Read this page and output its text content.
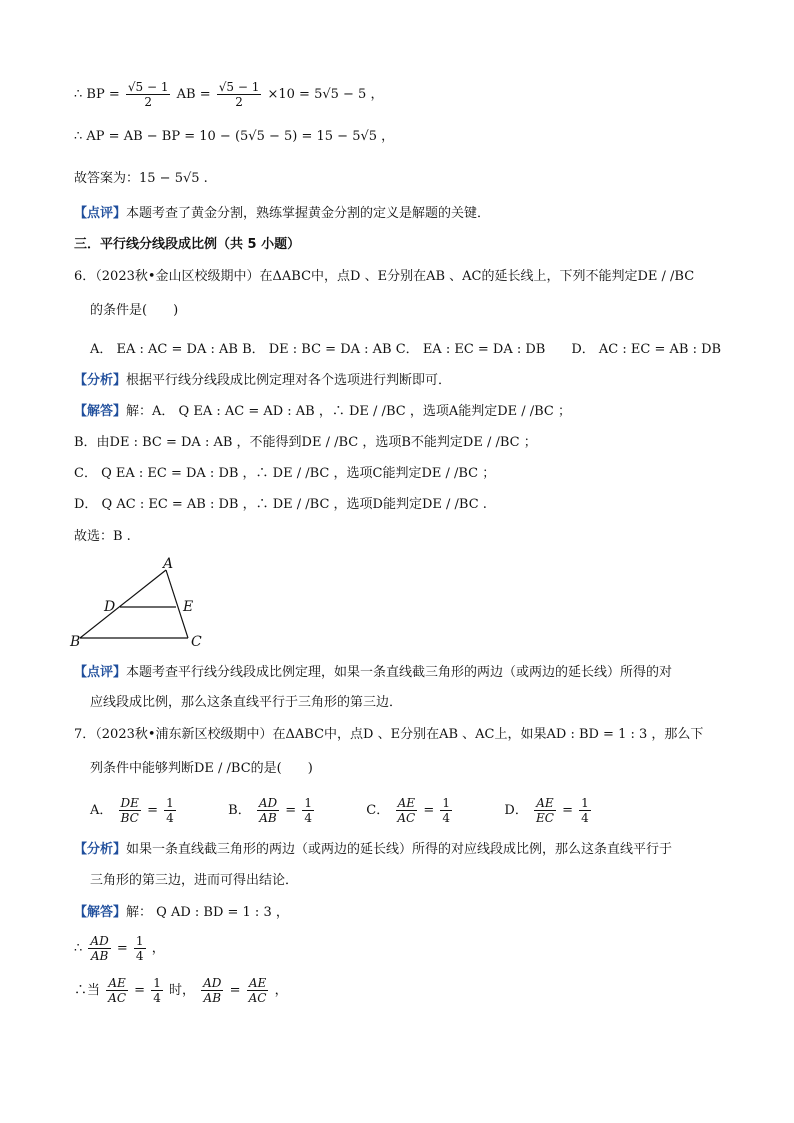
∴ BP = $\frac{√5 - 1}{2}$ AB = $\frac{√5 - 1}{2} \times 10 = 5√5 - 5$ ，
∴ AP = AB − BP = 10 − (5√5 − 5) = 15 − 5√5 ，
故答案为：15 − 5√5 .
【点评】本题考查了黄金分割，熟练掌握黄金分割的定义是解题的关键．
三．平行线分线段成比例（共 5 小题）
6．（2023秋•金山区校级期中）在ΔABC中，点D 、E分别在AB 、AC的延长线上，下列不能判定DE / /BC
的条件是(　　)
A． EA : AC = DA : AB B． DE : BC = DA : AB C． EA : EC = DA : DB　　D． AC : EC = AB : DB
【分析】根据平行线分线段成比例定理对各个选项进行判断即可．
【解答】解：A． Q EA : AC = AD : AB ，∴ DE / /BC ，选项A能判定DE / /BC ；
B．由DE : BC = DA : AB ，不能得到DE / /BC ，选项B不能判定DE / /BC ；
C． Q EA : EC = DA : DB ，∴ DE / /BC ，选项C能判定DE / /BC ；
D． Q AC : EC = AB : DB ，∴ DE / /BC ，选项D能判定DE / /BC .
故选：B .
A
B	C
D	E
【点评】本题考查平行线分线段成比例定理，如果一条直线截三角形的两边（或两边的延长线）所得的对
应线段成比例，那么这条直线平行于三角形的第三边．
7．（2023秋•浦东新区校级期中）在ΔABC中，点D 、E分别在AB 、AC上，如果AD : BD = 1 : 3 ，那么下
列条件中能够判断DE / /BC的是(　　)
A． $\frac{DE}{BC} = \frac{1}{4}$	B． $\frac{AD}{AB} = \frac{1}{4}$	C． $\frac{AE}{AC} = \frac{1}{4}$	D． $\frac{AE}{EC} = \frac{1}{4}$
【分析】如果一条直线截三角形的两边（或两边的延长线）所得的对应线段成比例，那么这条直线平行于
三角形的第三边，进而可得出结论．
【解答】解： Q AD : BD = 1 : 3 ，
∴ $\frac{AD}{AB} = \frac{1}{4}$ ，
∴当 $\frac{AE}{AC} = \frac{1}{4}$ 时， $\frac{AD}{AB} = \frac{AE}{AC}$ ，
